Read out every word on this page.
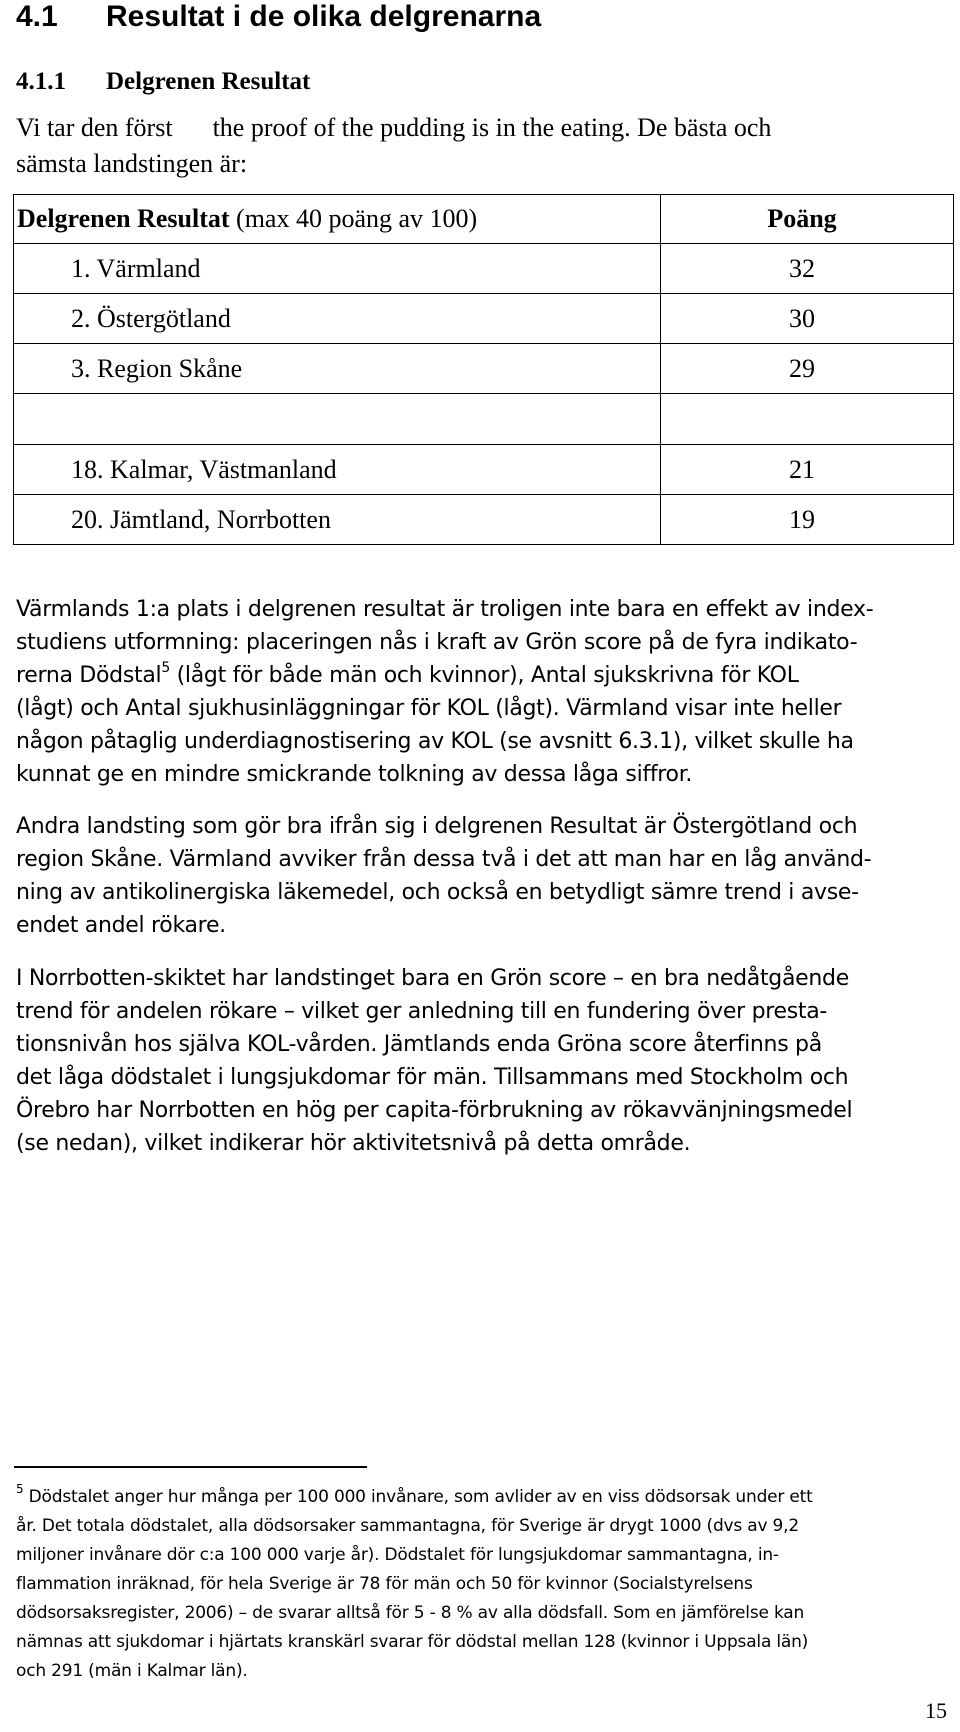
4.1 Resultat i de olika delgrenarna
4.1.1 Delgrenen Resultat

Vi tar den först the proof of the pudding is in the eating. De bästa och

sämsta landstingen är:

Delgrenen Resultat (max 40 poäng av 100)	Poäng
1. Värmland	32
2. Östergötland	30
3. Region Skåne	29

18. Kalmar, Västmanland	21
20. Jämtland, Norrbotten	19
Värmlands 1:a plats i delgrenen resultat är troligen inte bara en effekt av index-
studiens utformning: placeringen nås i kraft av Grön score på de fyra indikato-
rerna Dödstal$^5$ (lågt för både män och kvinnor), Antal sjukskrivna för KOL
(lågt) och Antal sjukhusinläggningar för KOL (lågt). Värmland visar inte heller
någon påtaglig underdiagnostisering av KOL (se avsnitt 6.3.1), vilket skulle ha
kunnat ge en mindre smickrande tolkning av dessa låga siffror.
Andra landsting som gör bra ifrån sig i delgrenen Resultat är Östergötland och
region Skåne. Värmland avviker från dessa två i det att man har en låg använd-
ning av antikolinergiska läkemedel, och också en betydligt sämre trend i avse-
endet andel rökare.
I Norrbotten-skiktet har landstinget bara en Grön score – en bra nedåtgående
trend för andelen rökare – vilket ger anledning till en fundering över presta-
tionsnivån hos själva KOL-vården. Jämtlands enda Gröna score återfinns på
det låga dödstalet i lungsjukdomar för män. Tillsammans med Stockholm och
Örebro har Norrbotten en hög per capita-förbrukning av rökavvänjningsmedel
(se nedan), vilket indikerar hör aktivitetsnivå på detta område.
$^5$ Dödstalet anger hur många per 100 000 invånare, som avlider av en viss dödsorsak under ett
år. Det totala dödstalet, alla dödsorsaker sammantagna, för Sverige är drygt 1000 (dvs av 9,2
miljoner invånare dör c:a 100 000 varje år). Dödstalet för lungsjukdomar sammantagna, in-
flammation inräknad, för hela Sverige är 78 för män och 50 för kvinnor (Socialstyrelsens
dödsorsaksregister, 2006) – de svarar alltså för 5 - 8 % av alla dödsfall. Som en jämförelse kan
nämnas att sjukdomar i hjärtats kranskärl svarar för dödstal mellan 128 (kvinnor i Uppsala län)
och 291 (män i Kalmar län).
15
